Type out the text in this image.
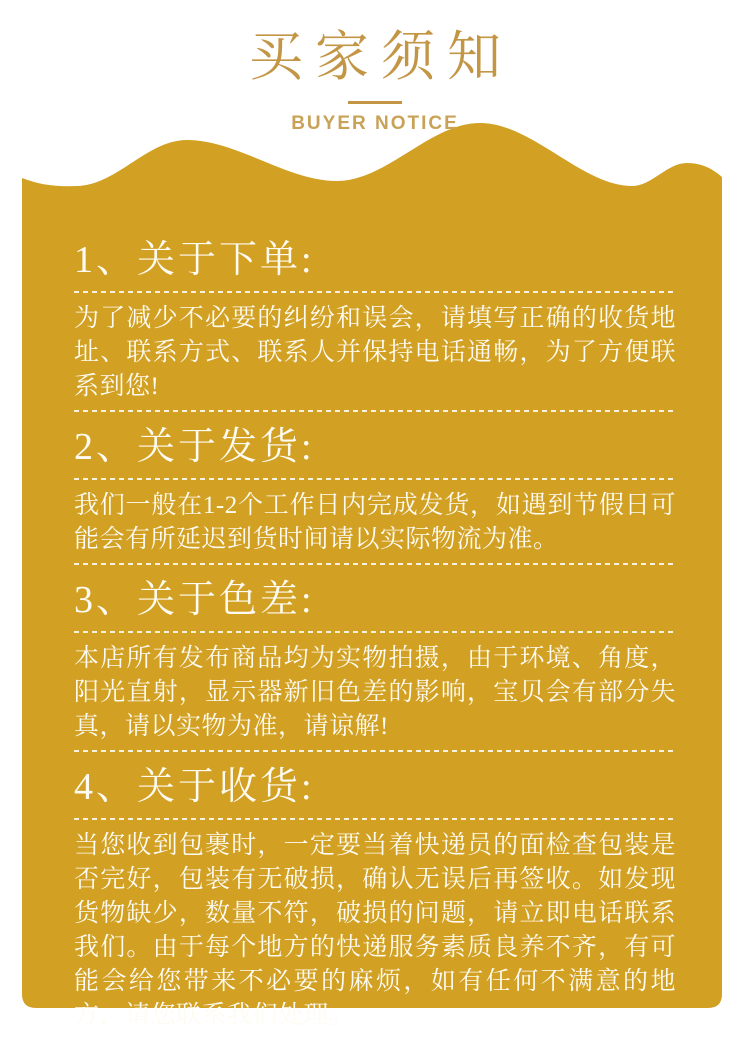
买家须知
BUYER NOTICE
1、关于下单:

为了减少不必要的纠纷和误会，请填写正确的收货地址、联系方式、联系人并保持电话通畅，为了方便联系到您!

2、关于发货:

我们一般在1-2个工作日内完成发货，如遇到节假日可能会有所延迟到货时间请以实际物流为准。

3、关于色差:

本店所有发布商品均为实物拍摄，由于环境、角度，阳光直射，显示器新旧色差的影响，宝贝会有部分失真，请以实物为准，请谅解!

4、关于收货:

当您收到包裹时，一定要当着快递员的面检查包装是否完好，包装有无破损，确认无误后再签收。如发现货物缺少，数量不符，破损的问题，请立即电话联系我们。由于每个地方的快递服务素质良养不齐，有可能会给您带来不必要的麻烦，如有任何不满意的地方，请您联系我们处理。
